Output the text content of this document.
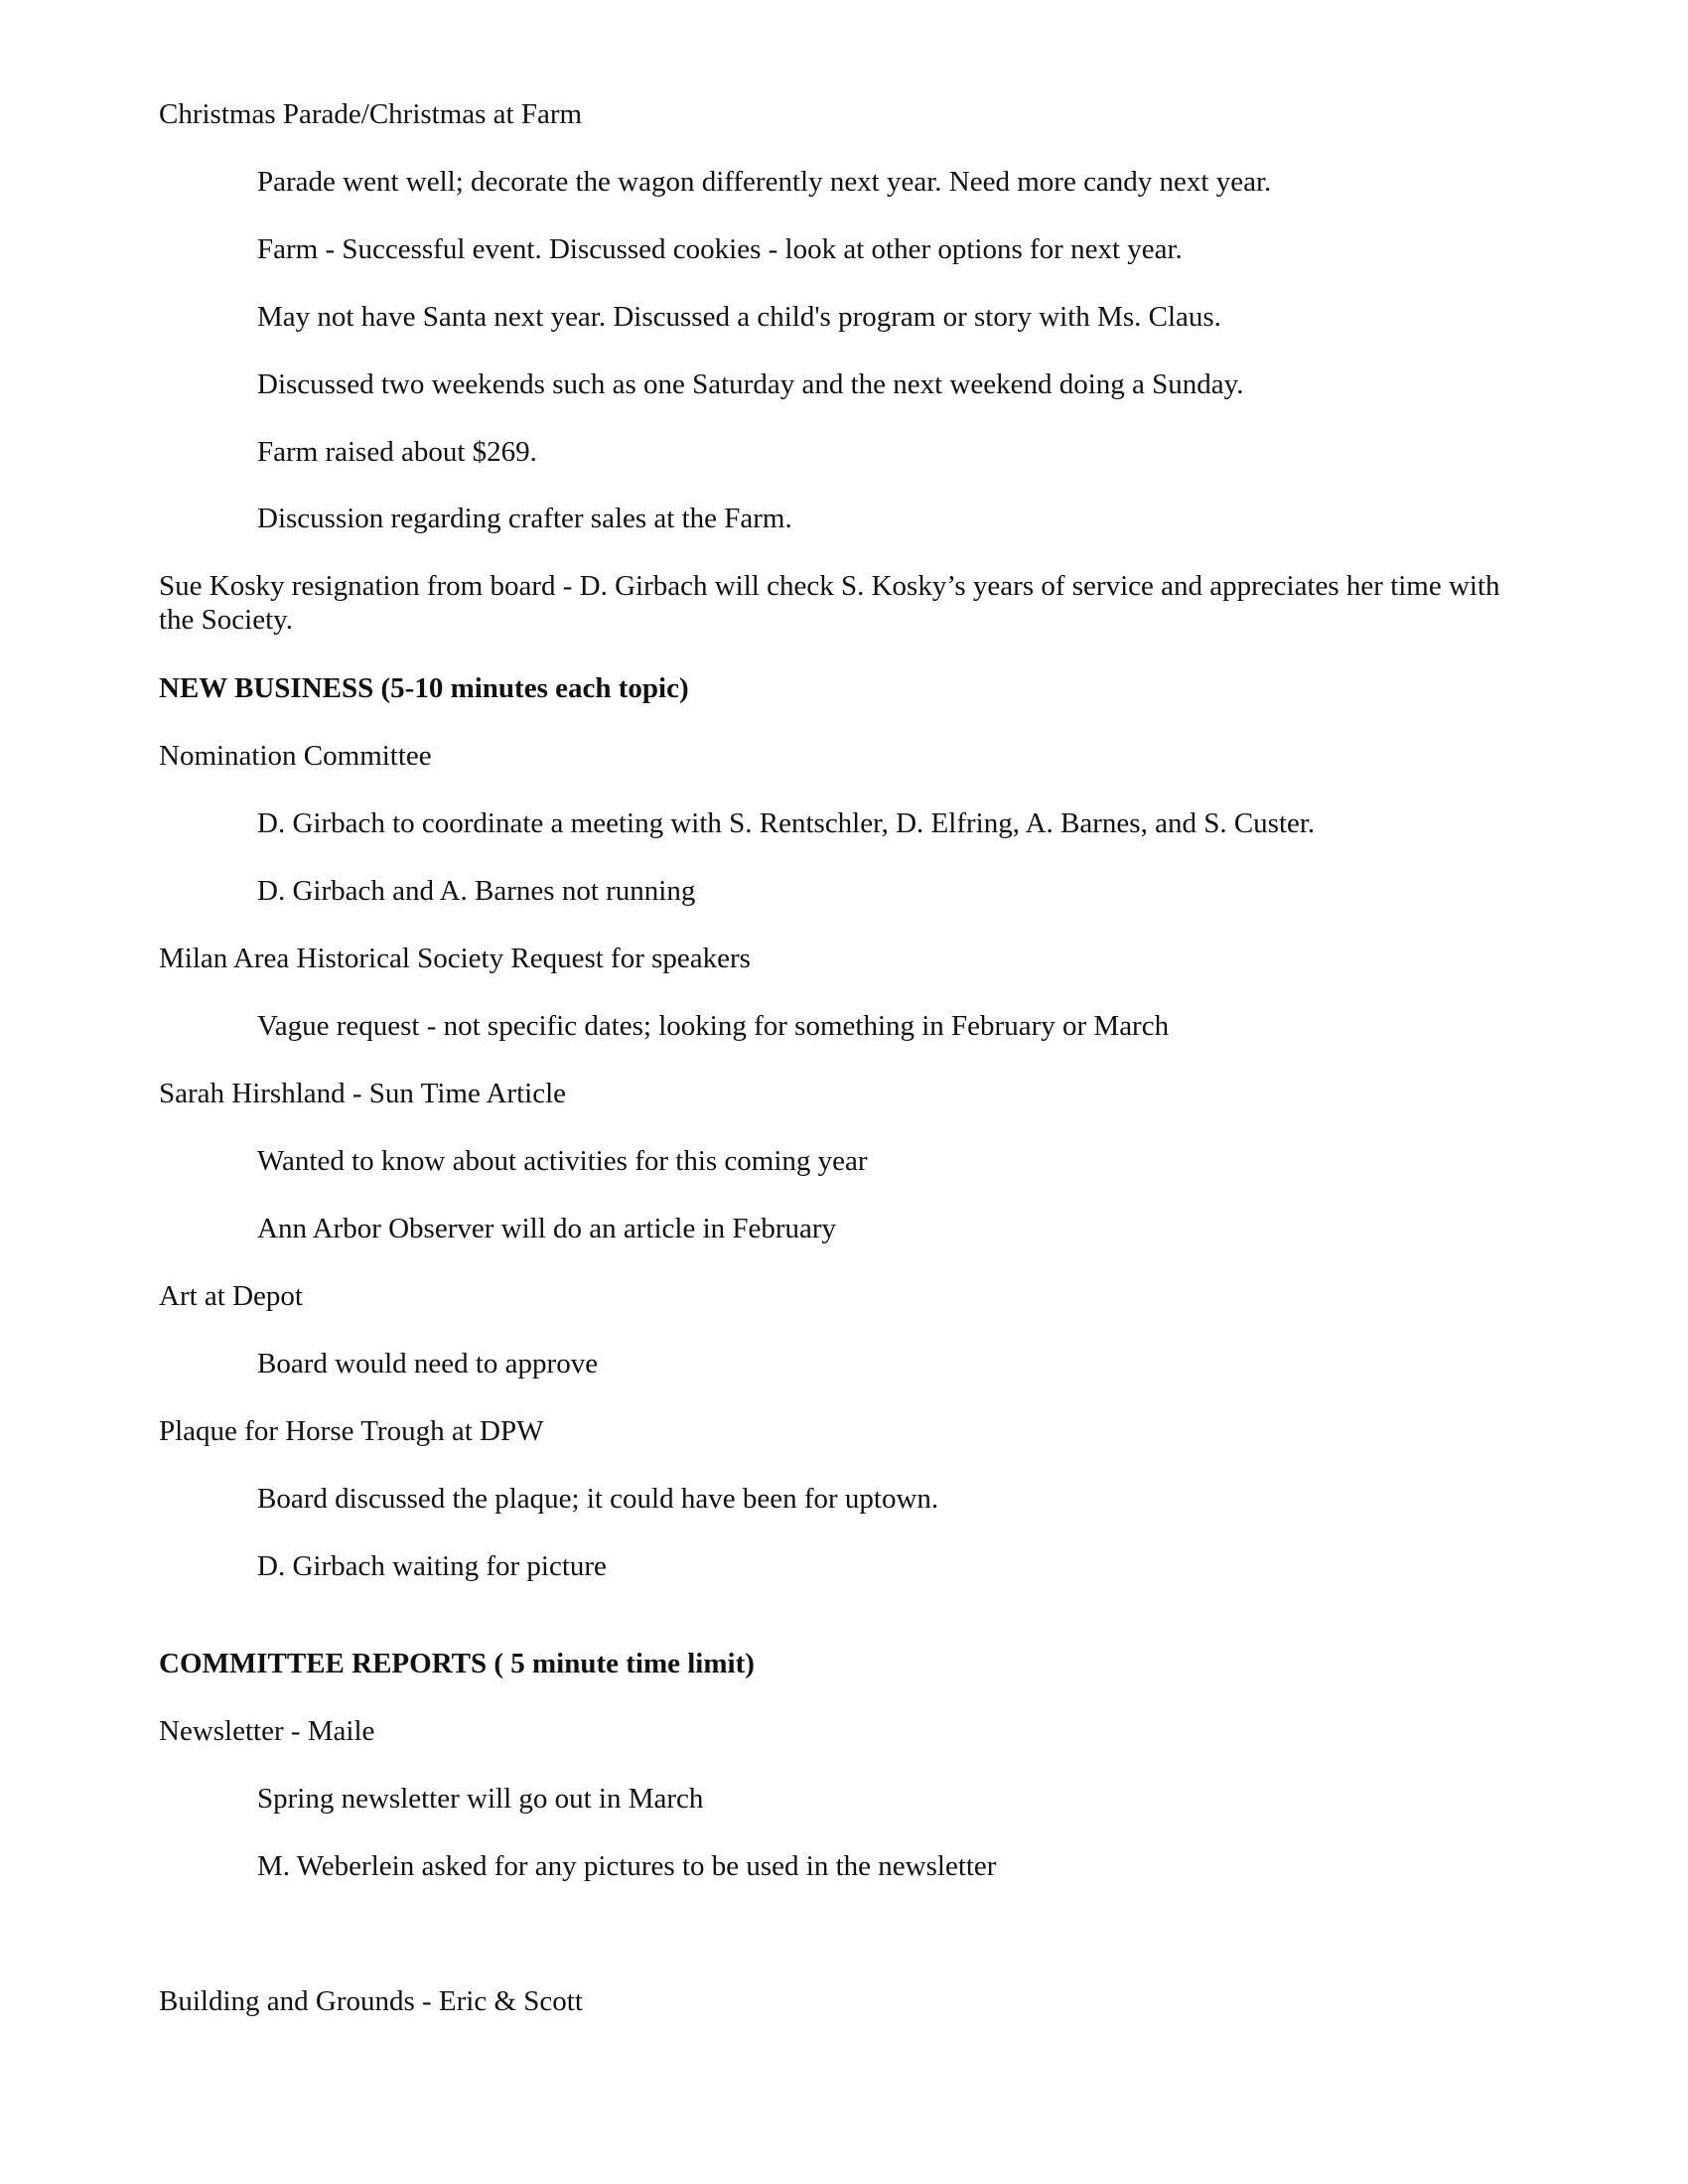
Christmas Parade/Christmas at Farm

Parade went well; decorate the wagon differently next year. Need more candy next year.

Farm - Successful event. Discussed cookies - look at other options for next year.

May not have Santa next year. Discussed a child's program or story with Ms. Claus.

Discussed two weekends such as one Saturday and the next weekend doing a Sunday.

Farm raised about $269.

Discussion regarding crafter sales at the Farm.

Sue Kosky resignation from board - D. Girbach will check S. Kosky’s years of service and appreciates her time with the Society.

NEW BUSINESS (5-10 minutes each topic)

Nomination Committee

D. Girbach to coordinate a meeting with S. Rentschler, D. Elfring, A. Barnes, and S. Custer.

D. Girbach and A. Barnes not running

Milan Area Historical Society Request for speakers

Vague request - not specific dates; looking for something in February or March

Sarah Hirshland - Sun Time Article

Wanted to know about activities for this coming year

Ann Arbor Observer will do an article in February

Art at Depot

Board would need to approve

Plaque for Horse Trough at DPW

Board discussed the plaque; it could have been for uptown.

D. Girbach waiting for picture

COMMITTEE REPORTS ( 5 minute time limit)

Newsletter - Maile

Spring newsletter will go out in March

M. Weberlein asked for any pictures to be used in the newsletter

Building and Grounds - Eric & Scott
